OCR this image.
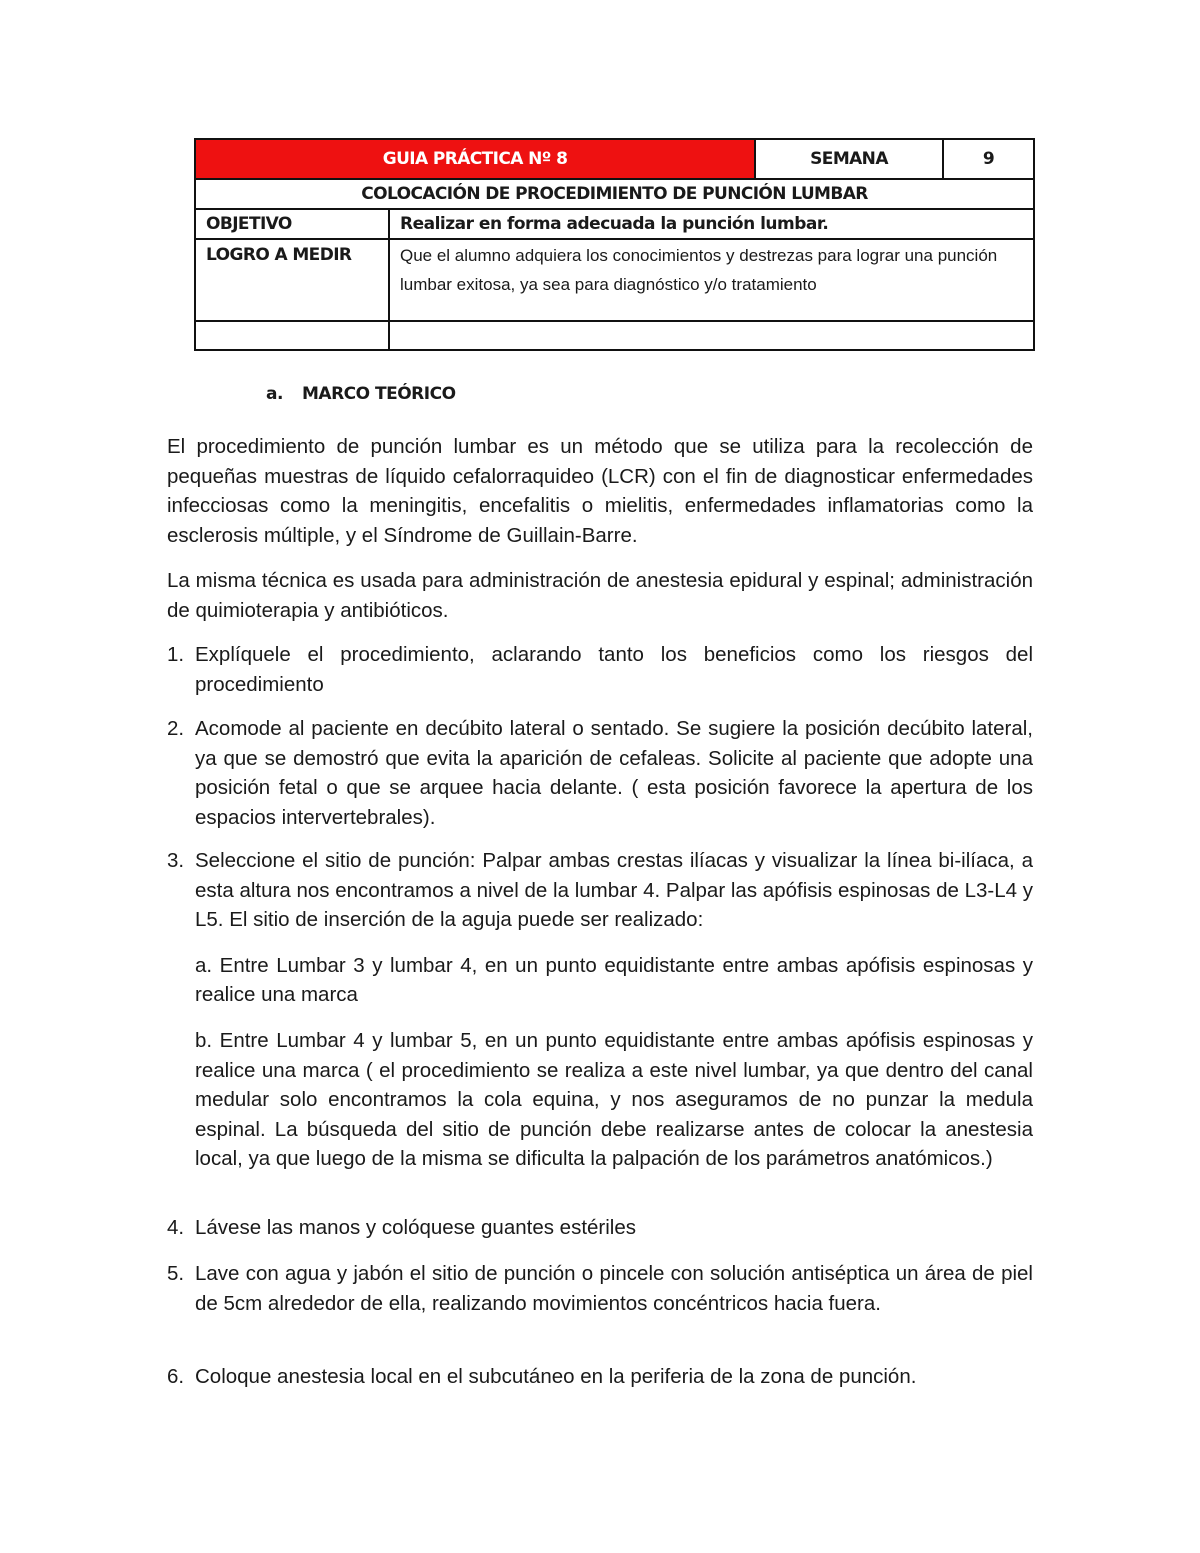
GUIA PRÁCTICA Nº 8		SEMANA	9
COLOCACIÓN DE PROCEDIMIENTO DE PUNCIÓN LUMBAR			
OBJETIVO	Realizar en forma adecuada la punción lumbar.		
LOGRO A MEDIR	Que el alumno adquiera los conocimientos y destrezas para lograr una punción lumbar exitosa, ya sea para diagnóstico y/o tratamiento		

a. MARCO TEÓRICO

El procedimiento de punción lumbar es un método que se utiliza para la recolección de pequeñas muestras de líquido cefalorraquideo (LCR) con el fin de diagnosticar enfermedades infecciosas como la meningitis, encefalitis o mielitis, enfermedades inflamatorias como la esclerosis múltiple, y el Síndrome de Guillain-Barre.

La misma técnica es usada para administración de anestesia epidural y espinal; administración de quimioterapia y antibióticos.

1. Explíquele el procedimiento, aclarando tanto los beneficios como los riesgos del procedimiento
2. Acomode al paciente en decúbito lateral o sentado. Se sugiere la posición decúbito lateral, ya que se demostró que evita la aparición de cefaleas. Solicite al paciente que adopte una posición fetal o que se arquee hacia delante. ( esta posición favorece la apertura de los espacios intervertebrales).
3. Seleccione el sitio de punción: Palpar ambas crestas ilíacas y visualizar la línea bi-ilíaca, a esta altura nos encontramos a nivel de la lumbar 4. Palpar las apófisis espinosas de L3-L4 y L5. El sitio de inserción de la aguja puede ser realizado:
a. Entre Lumbar 3 y lumbar 4, en un punto equidistante entre ambas apófisis espinosas y realice una marca
b. Entre Lumbar 4 y lumbar 5, en un punto equidistante entre ambas apófisis espinosas y realice una marca ( el procedimiento se realiza a este nivel lumbar, ya que dentro del canal medular solo encontramos la cola equina, y nos aseguramos de no punzar la medula espinal. La búsqueda del sitio de punción debe realizarse antes de colocar la anestesia local, ya que luego de la misma se dificulta la palpación de los parámetros anatómicos.)
4. Lávese las manos y colóquese guantes estériles
5. Lave con agua y jabón el sitio de punción o pincele con solución antiséptica un área de piel de 5cm alrededor de ella, realizando movimientos concéntricos hacia fuera.
6. Coloque anestesia local en el subcutáneo en la periferia de la zona de punción.
